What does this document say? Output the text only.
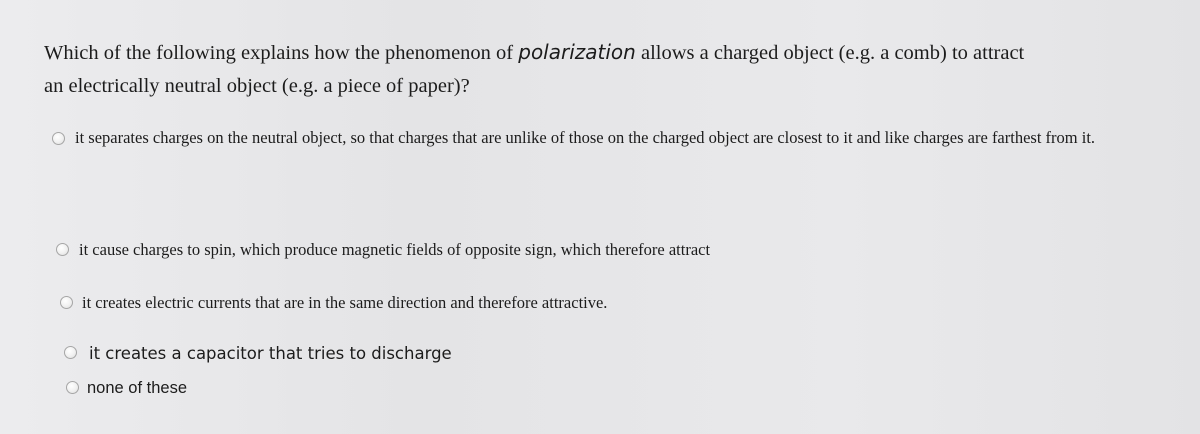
Which of the following explains how the phenomenon of polarization allows a charged object (e.g. a comb) to attract an electrically neutral object (e.g. a piece of paper)?
it separates charges on the neutral object, so that charges that are unlike of those on the charged object are closest to it and like charges are farthest from it.
it cause charges to spin, which produce magnetic fields of opposite sign, which therefore attract
it creates electric currents that are in the same direction and therefore attractive.
it creates a capacitor that tries to discharge
none of these
